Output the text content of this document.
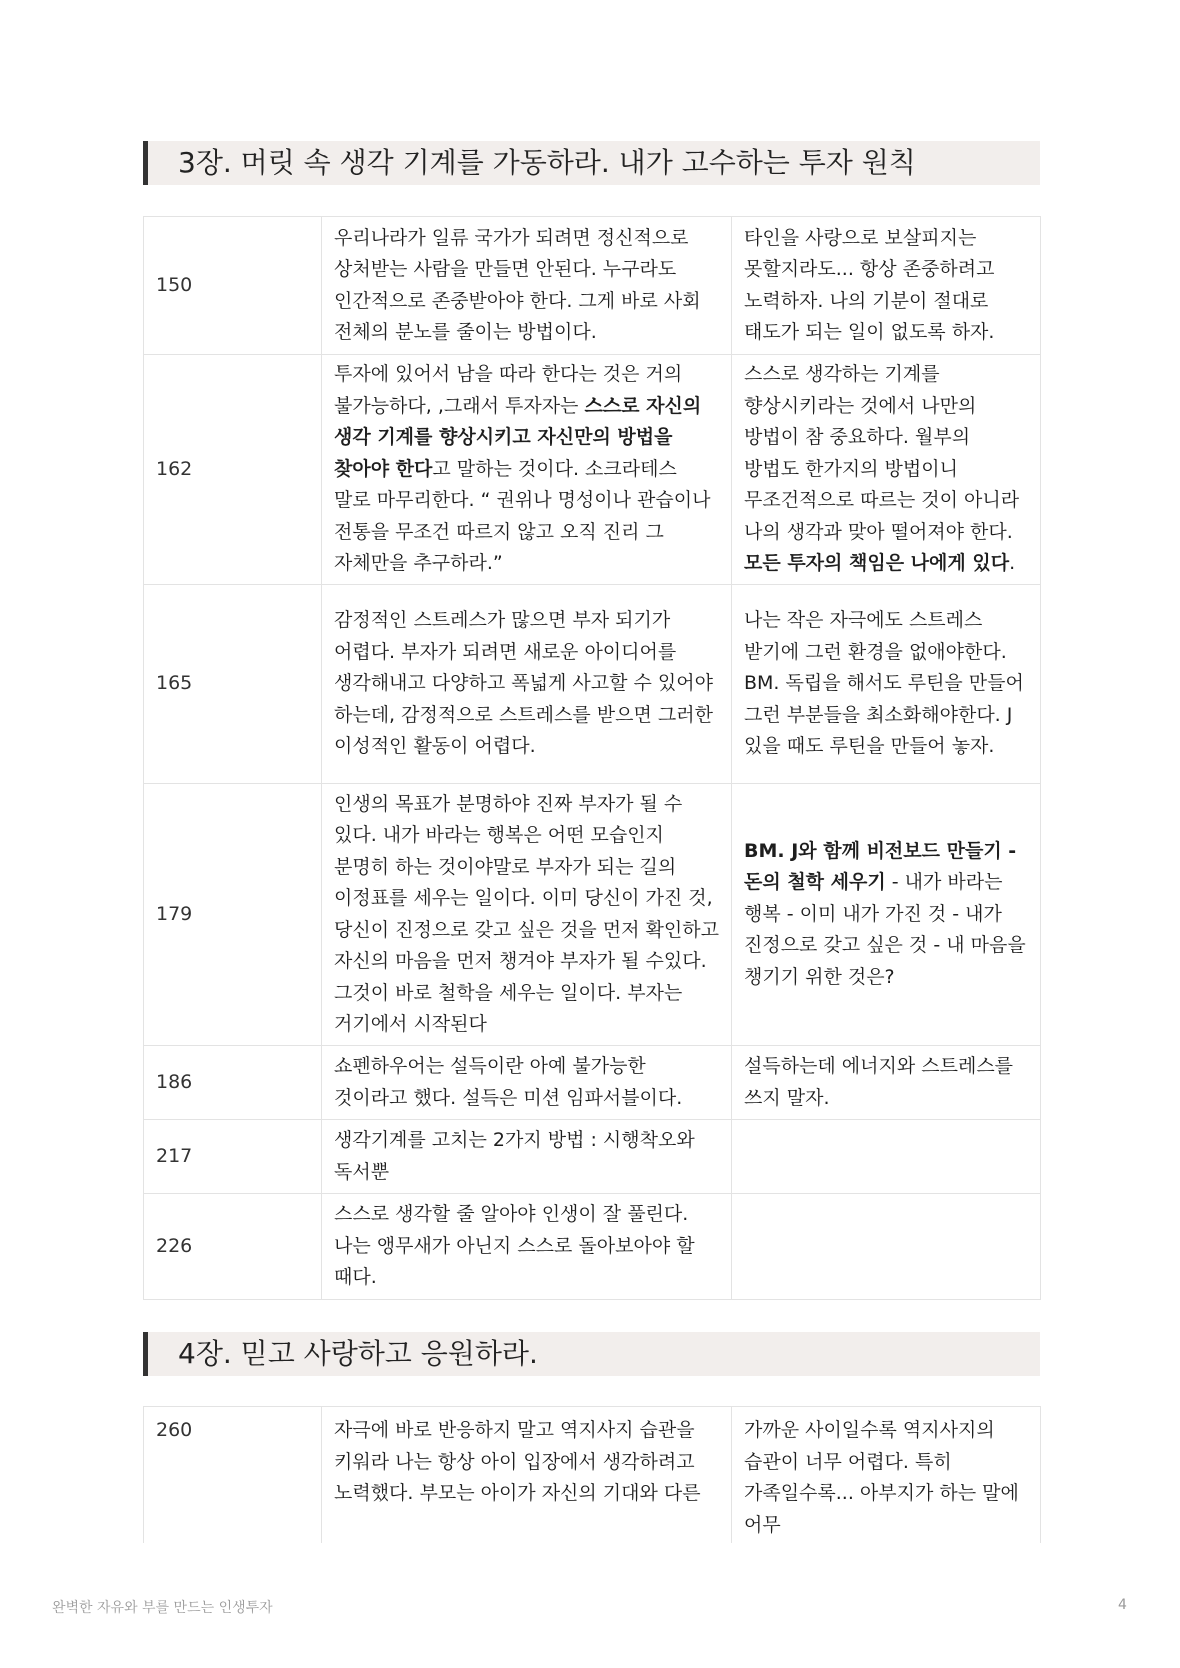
3장. 머릿 속 생각 기계를 가동하라. 내가 고수하는 투자 원칙
150	우리나라가 일류 국가가 되려면 정신적으로 상처받는 사람을 만들면 안된다. 누구라도 인간적으로 존중받아야 한다. 그게 바로 사회 전체의 분노를 줄이는 방법이다.	타인을 사랑으로 보살피지는 못할지라도... 항상 존중하려고 노력하자. 나의 기분이 절대로 태도가 되는 일이 없도록 하자.
162	투자에 있어서 남을 따라 한다는 것은 거의 불가능하다, ,그래서 투자자는 스스로 자신의 생각 기계를 향상시키고 자신만의 방법을 찾아야 한다고 말하는 것이다. 소크라테스 말로 마무리한다. “ 권위나 명성이나 관습이나 전통을 무조건 따르지 않고 오직 진리 그 자체만을 추구하라.”	스스로 생각하는 기계를 향상시키라는 것에서 나만의 방법이 참 중요하다. 월부의 방법도 한가지의 방법이니 무조건적으로 따르는 것이 아니라 나의 생각과 맞아 떨어져야 한다. 모든 투자의 책임은 나에게 있다.
165	감정적인 스트레스가 많으면 부자 되기가 어렵다. 부자가 되려면 새로운 아이디어를 생각해내고 다양하고 폭넓게 사고할 수 있어야 하는데, 감정적으로 스트레스를 받으면 그러한 이성적인 활동이 어렵다.	나는 작은 자극에도 스트레스 받기에 그런 환경을 없애야한다. BM. 독립을 해서도 루틴을 만들어 그런 부분들을 최소화해야한다. J 있을 때도 루틴을 만들어 놓자.
179	인생의 목표가 분명하야 진짜 부자가 될 수 있다. 내가 바라는 행복은 어떤 모습인지 분명히 하는 것이야말로 부자가 되는 길의 이정표를 세우는 일이다. 이미 당신이 가진 것, 당신이 진정으로 갖고 싶은 것을 먼저 확인하고 자신의 마음을 먼저 챙겨야 부자가 될 수있다. 그것이 바로 철학을 세우는 일이다. 부자는 거기에서 시작된다	BM. J와 함께 비전보드 만들기 - 돈의 철학 세우기 - 내가 바라는 행복 - 이미 내가 가진 것 - 내가 진정으로 갖고 싶은 것 - 내 마음을 챙기기 위한 것은?
186	쇼펜하우어는 설득이란 아예 불가능한 것이라고 했다. 설득은 미션 임파서블이다.	설득하는데 에너지와 스트레스를 쓰지 말자.
217	생각기계를 고치는 2가지 방법 : 시행착오와 독서뿐	
226	스스로 생각할 줄 알아야 인생이 잘 풀린다. 나는 앵무새가 아닌지 스스로 돌아보아야 할 때다.	
4장. 믿고 사랑하고 응원하라.
260	자극에 바로 반응하지 말고 역지사지 습관을 키워라 나는 항상 아이 입장에서 생각하려고 노력했다. 부모는 아이가 자신의 기대와 다른	가까운 사이일수록 역지사지의 습관이 너무 어렵다. 특히 가족일수록... 아부지가 하는 말에 어무
완벽한 자유와 부를 만드는 인생투자	4
